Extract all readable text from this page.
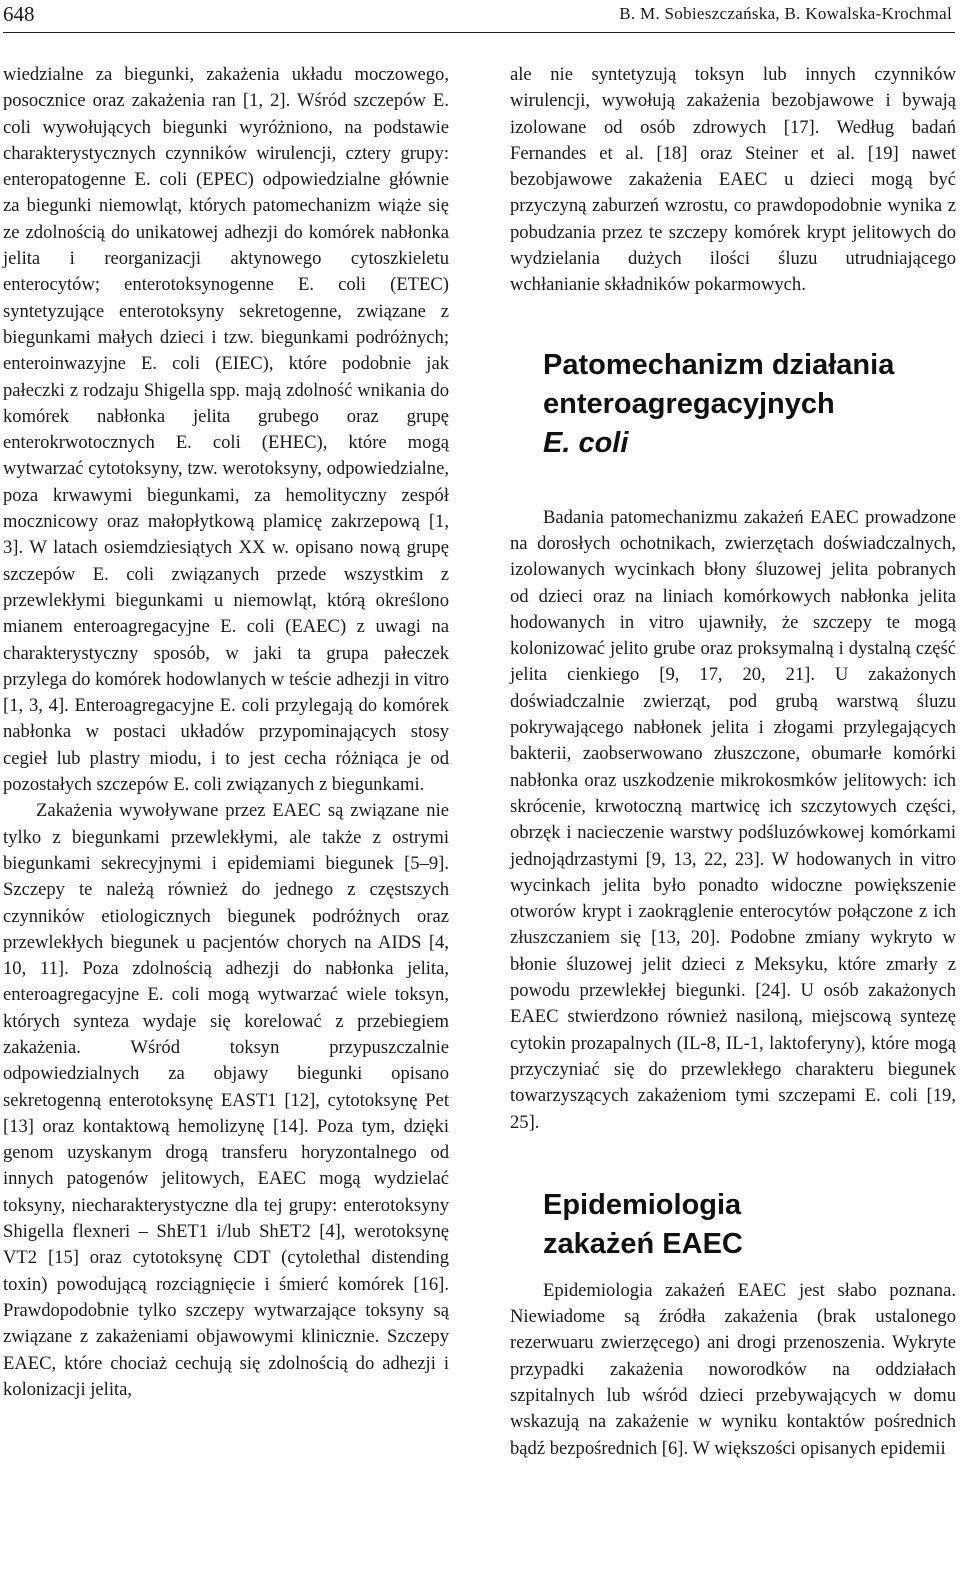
648	B. M. Sobieszczańska, B. Kowalska-Krochmal

wiedzialne za biegunki, zakażenia układu moczowego, posocznice oraz zakażenia ran [1, 2]. Wśród szczepów E. coli wywołujących biegunki wyróżniono, na podstawie charakterystycznych czynników wirulencji, cztery grupy: enteropatogenne E. coli (EPEC) odpowiedzialne głównie za biegunki niemowląt, których patomechanizm wiąże się ze zdolnością do unikatowej adhezji do komórek nabłonka jelita i reorganizacji aktynowego cytoszkieletu enterocytów; enterotoksynogenne E. coli (ETEC) syntetyzujące enterotoksyny sekretogenne, związane z biegunkami małych dzieci i tzw. biegunkami podróżnych; enteroinwazyjne E. coli (EIEC), które podobnie jak pałeczki z rodzaju Shigella spp. mają zdolność wnikania do komórek nabłonka jelita grubego oraz grupę enterokrwotocznych E. coli (EHEC), które mogą wytwarzać cytotoksyny, tzw. werotoksyny, odpowiedzialne, poza krwawymi biegunkami, za hemolityczny zespół mocznicowy oraz małopłytkową plamicę zakrzepową [1, 3]. W latach osiemdziesiątych XX w. opisano nową grupę szczepów E. coli związanych przede wszystkim z przewlekłymi biegunkami u niemowląt, którą określono mianem enteroagregacyjne E. coli (EAEC) z uwagi na charakterystyczny sposób, w jaki ta grupa pałeczek przylega do komórek hodowlanych w teście adhezji in vitro [1, 3, 4]. Enteroagregacyjne E. coli przylegają do komórek nabłonka w postaci układów przypominających stosy cegieł lub plastry miodu, i to jest cecha różniąca je od pozostałych szczepów E. coli związanych z biegunkami.

Zakażenia wywoływane przez EAEC są związane nie tylko z biegunkami przewlekłymi, ale także z ostrymi biegunkami sekrecyjnymi i epidemiami biegunek [5–9]. Szczepy te należą również do jednego z częstszych czynników etiologicznych biegunek podróżnych oraz przewlekłych biegunek u pacjentów chorych na AIDS [4, 10, 11]. Poza zdolnością adhezji do nabłonka jelita, enteroagregacyjne E. coli mogą wytwarzać wiele toksyn, których synteza wydaje się korelować z przebiegiem zakażenia. Wśród toksyn przypuszczalnie odpowiedzialnych za objawy biegunki opisano sekretogenną enterotoksynę EAST1 [12], cytotoksynę Pet [13] oraz kontaktową hemolizynę [14]. Poza tym, dzięki genom uzyskanym drogą transferu horyzontalnego od innych patogenów jelitowych, EAEC mogą wydzielać toksyny, niecharakterystyczne dla tej grupy: enterotoksyny Shigella flexneri – ShET1 i/lub ShET2 [4], werotoksynę VT2 [15] oraz cytotoksynę CDT (cytolethal distending toxin) powodującą rozciągnięcie i śmierć komórek [16]. Prawdopodobnie tylko szczepy wytwarzające toksyny są związane z zakażeniami objawowymi klinicznie. Szczepy EAEC, które chociaż cechują się zdolnością do adhezji i kolonizacji jelita,

ale nie syntetyzują toksyn lub innych czynników wirulencji, wywołują zakażenia bezobjawowe i bywają izolowane od osób zdrowych [17]. Według badań Fernandes et al. [18] oraz Steiner et al. [19] nawet bezobjawowe zakażenia EAEC u dzieci mogą być przyczyną zaburzeń wzrostu, co prawdopodobnie wynika z pobudzania przez te szczepy komórek krypt jelitowych do wydzielania dużych ilości śluzu utrudniającego wchłanianie składników pokarmowych.

Patomechanizm działania
enteroagregacyjnych
E. coli

Badania patomechanizmu zakażeń EAEC prowadzone na dorosłych ochotnikach, zwierzętach doświadczalnych, izolowanych wycinkach błony śluzowej jelita pobranych od dzieci oraz na liniach komórkowych nabłonka jelita hodowanych in vitro ujawniły, że szczepy te mogą kolonizować jelito grube oraz proksymalną i dystalną część jelita cienkiego [9, 17, 20, 21]. U zakażonych doświadczalnie zwierząt, pod grubą warstwą śluzu pokrywającego nabłonek jelita i złogami przylegających bakterii, zaobserwowano złuszczone, obumarłe komórki nabłonka oraz uszkodzenie mikrokosmków jelitowych: ich skrócenie, krwotoczną martwicę ich szczytowych części, obrzęk i nacieczenie warstwy podśluzówkowej komórkami jednojądrzastymi [9, 13, 22, 23]. W hodowanych in vitro wycinkach jelita było ponadto widoczne powiększenie otworów krypt i zaokrąglenie enterocytów połączone z ich złuszczaniem się [13, 20]. Podobne zmiany wykryto w błonie śluzowej jelit dzieci z Meksyku, które zmarły z powodu przewlekłej biegunki. [24]. U osób zakażonych EAEC stwierdzono również nasiloną, miejscową syntezę cytokin prozapalnych (IL-8, IL-1, laktoferyny), które mogą przyczyniać się do przewlekłego charakteru biegunek towarzyszących zakażeniom tymi szczepami E. coli [19, 25].

Epidemiologia
zakażeń EAEC

Epidemiologia zakażeń EAEC jest słabo poznana. Niewiadome są źródła zakażenia (brak ustalonego rezerwuaru zwierzęcego) ani drogi przenoszenia. Wykryte przypadki zakażenia noworodków na oddziałach szpitalnych lub wśród dzieci przebywających w domu wskazują na zakażenie w wyniku kontaktów pośrednich bądź bezpośrednich [6]. W większości opisanych epidemii
